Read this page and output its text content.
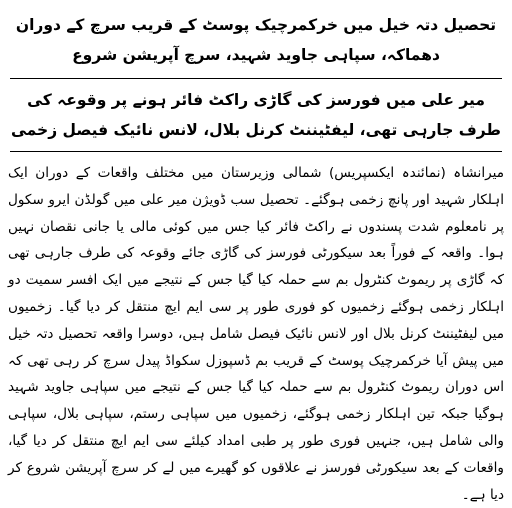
تحصیل دتہ خیل میں خرکمرچیک پوسٹ کے قریب سرچ کے دوران دھماکہ، سپاہی جاوید شہید، سرچ آپریشن شروع

میر علی میں فورسز کی گاڑی راکٹ فائر ہونے پر وقوعہ کی طرف جارہی تھی، لیفٹیننٹ کرنل بلال، لانس نائیک فیصل زخمی

میرانشاہ (نمائندہ ایکسپریس) شمالی وزیرستان میں مختلف واقعات کے دوران ایک اہلکار شہید اور پانچ زخمی ہوگئے۔ تحصیل سب ڈویژن میر علی میں گولڈن ایرو سکول پر نامعلوم شدت پسندوں نے راکٹ فائر کیا جس میں کوئی مالی یا جانی نقصان نہیں ہوا۔ واقعہ کے فوراً بعد سیکورٹی فورسز کی گاڑی جائے وقوعہ کی طرف جارہی تھی کہ گاڑی پر ریموٹ کنٹرول بم سے حملہ کیا گیا جس کے نتیجے میں ایک افسر سمیت دو اہلکار زخمی ہوگئے زخمیوں کو فوری طور پر سی ایم ایچ منتقل کر دیا گیا۔ زخمیوں میں لیفٹیننٹ کرنل بلال اور لانس نائیک فیصل شامل ہیں، دوسرا واقعہ تحصیل دتہ خیل میں پیش آیا خرکمرچیک پوسٹ کے قریب بم ڈسپوزل سکواڈ پیدل سرچ کر رہی تھی کہ اس دوران ریموٹ کنٹرول بم سے حملہ کیا گیا جس کے نتیجے میں سپاہی جاوید شہید ہوگیا جبکہ تین اہلکار زخمی ہوگئے، زخمیوں میں سپاہی رستم، سپاہی بلال، سپاہی والی شامل ہیں، جنہیں فوری طور پر طبی امداد کیلئے سی ایم ایچ منتقل کر دیا گیا، واقعات کے بعد سیکورٹی فورسز نے علاقوں کو گھیرے میں لے کر سرچ آپریشن شروع کر دیا ہے۔
